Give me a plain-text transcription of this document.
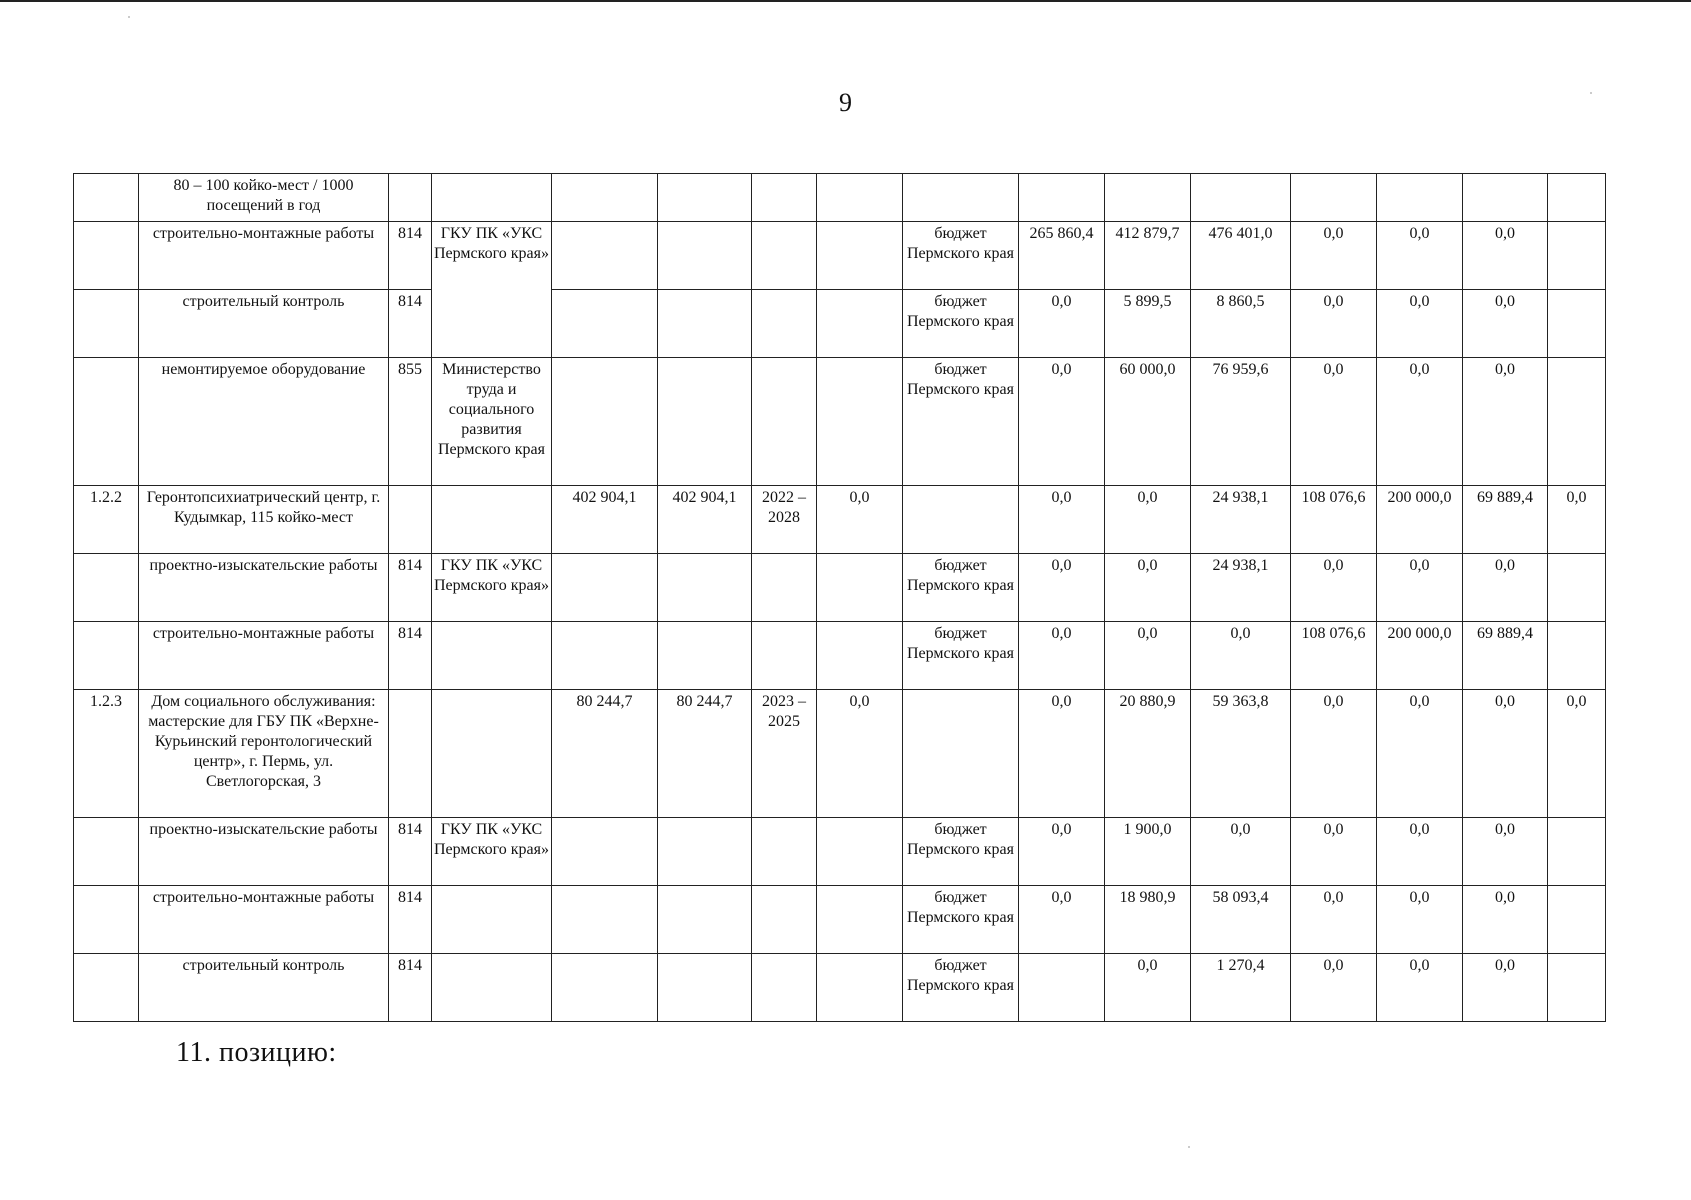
9
	80 – 100 койко-мест / 1000 посещений в год														
	строительно-монтажные работы	814	ГКУ ПК «УКС Пермского края»					бюджет Пермского края	265 860,4	412 879,7	476 401,0	0,0	0,0	0,0	
	строительный контроль	814						бюджет Пермского края	0,0	5 899,5	8 860,5	0,0	0,0	0,0	
	немонтируемое оборудование	855	Министерство труда и социального развития Пермского края					бюджет Пермского края	0,0	60 000,0	76 959,6	0,0	0,0	0,0	
1.2.2	Геронтопсихиатрический центр, г. Кудымкар, 115 койко-мест			402 904,1	402 904,1	2022 – 2028	0,0		0,0	0,0	24 938,1	108 076,6	200 000,0	69 889,4	0,0
	проектно-изыскательские работы	814	ГКУ ПК «УКС Пермского края»					бюджет Пермского края	0,0	0,0	24 938,1	0,0	0,0	0,0	
	строительно-монтажные работы	814						бюджет Пермского края	0,0	0,0	0,0	108 076,6	200 000,0	69 889,4	
1.2.3	Дом социального обслуживания: мастерские для ГБУ ПК «Верхне-Курьинский геронтологический центр», г. Пермь, ул. Светлогорская, 3			80 244,7	80 244,7	2023 – 2025	0,0		0,0	20 880,9	59 363,8	0,0	0,0	0,0	0,0
	проектно-изыскательские работы	814	ГКУ ПК «УКС Пермского края»					бюджет Пермского края	0,0	1 900,0	0,0	0,0	0,0	0,0	
	строительно-монтажные работы	814						бюджет Пермского края	0,0	18 980,9	58 093,4	0,0	0,0	0,0	
	строительный контроль	814						бюджет Пермского края		0,0	1 270,4	0,0	0,0	0,0	
11. позицию:
